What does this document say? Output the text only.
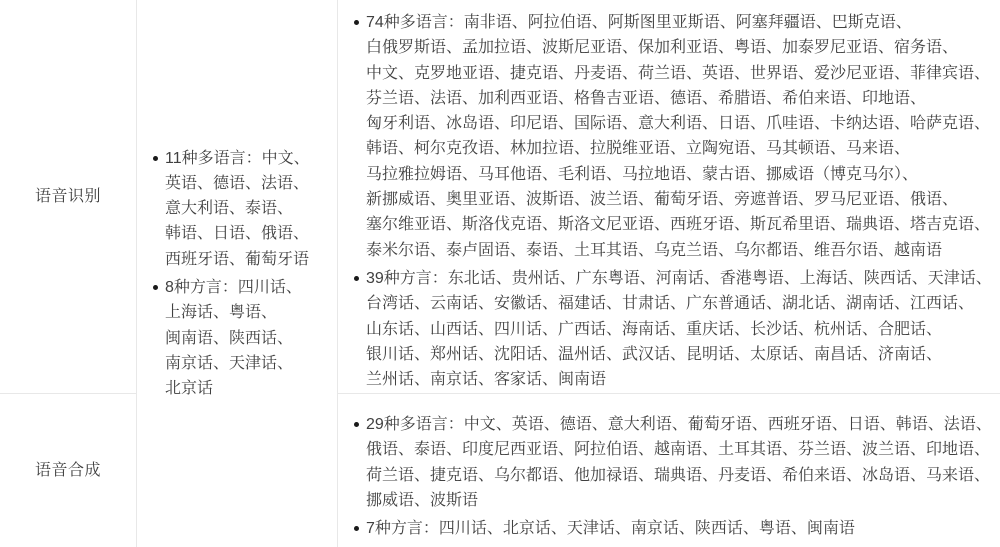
语音识别
11种多语言：中文、英语、德语、法语、意大利语、泰语、韩语、日语、俄语、西班牙语、葡萄牙语
8种方言：四川话、上海话、粤语、闽南语、陕西话、南京话、天津话、北京话
74种多语言：南非语、阿拉伯语、阿斯图里亚斯语、阿塞拜疆语、巴斯克语、白俄罗斯语、孟加拉语、波斯尼亚语、保加利亚语、粤语、加泰罗尼亚语、宿务语、中文、克罗地亚语、捷克语、丹麦语、荷兰语、英语、世界语、爱沙尼亚语、菲律宾语、芬兰语、法语、加利西亚语、格鲁吉亚语、德语、希腊语、希伯来语、印地语、匈牙利语、冰岛语、印尼语、国际语、意大利语、日语、爪哇语、卡纳达语、哈萨克语、韩语、柯尔克孜语、林加拉语、拉脱维亚语、立陶宛语、马其顿语、马来语、马拉雅拉姆语、马耳他语、毛利语、马拉地语、蒙古语、挪威语（博克马尔）、新挪威语、奥里亚语、波斯语、波兰语、葡萄牙语、旁遮普语、罗马尼亚语、俄语、塞尔维亚语、斯洛伐克语、斯洛文尼亚语、西班牙语、斯瓦希里语、瑞典语、塔吉克语、泰米尔语、泰卢固语、泰语、土耳其语、乌克兰语、乌尔都语、维吾尔语、越南语
39种方言：东北话、贵州话、广东粤语、河南话、香港粤语、上海话、陕西话、天津话、台湾话、云南话、安徽话、福建话、甘肃话、广东普通话、湖北话、湖南话、江西话、山东话、山西话、四川话、广西话、海南话、重庆话、长沙话、杭州话、合肥话、银川话、郑州话、沈阳话、温州话、武汉话、昆明话、太原话、南昌话、济南话、兰州话、南京话、客家话、闽南语
语音合成
29种多语言：中文、英语、德语、意大利语、葡萄牙语、西班牙语、日语、韩语、法语、俄语、泰语、印度尼西亚语、阿拉伯语、越南语、土耳其语、芬兰语、波兰语、印地语、荷兰语、捷克语、乌尔都语、他加禄语、瑞典语、丹麦语、希伯来语、冰岛语、马来语、挪威语、波斯语
7种方言：四川话、北京话、天津话、南京话、陕西话、粤语、闽南语
